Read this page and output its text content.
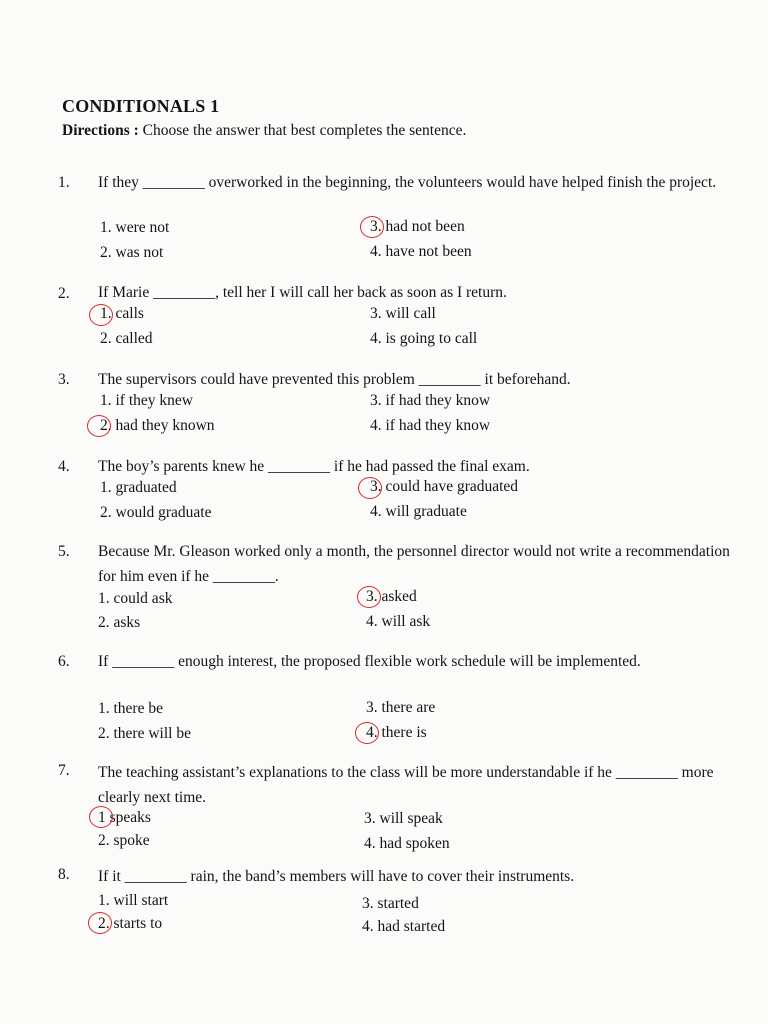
CONDITIONALS 1
Directions : Choose the answer that best completes the sentence.
1. If they ________ overworked in the beginning, the volunteers would have helped finish the project.
1. were not	3. had not been
2. was not	4. have not been
2. If Marie ________, tell her I will call her back as soon as I return.
1. calls	3. will call
2. called	4. is going to call
3. The supervisors could have prevented this problem ________ it beforehand.
1. if they knew	3. if had they know
2. had they known	4. if had they know
4. The boy’s parents knew he ________ if he had passed the final exam.
1. graduated	3. could have graduated
2. would graduate	4. will graduate
5. Because Mr. Gleason worked only a month, the personnel director would not write a recommendation for him even if he ________.
1. could ask	3. asked
2. asks	4. will ask
6. If ________ enough interest, the proposed flexible work schedule will be implemented.
1. there be	3. there are
2. there will be	4. there is
7. The teaching assistant’s explanations to the class will be more understandable if he ________ more clearly next time.
1 speaks	3. will speak
2. spoke	4. had spoken
8. If it ________ rain, the band’s members will have to cover their instruments.
1. will start	3. started
2. starts to	4. had started
